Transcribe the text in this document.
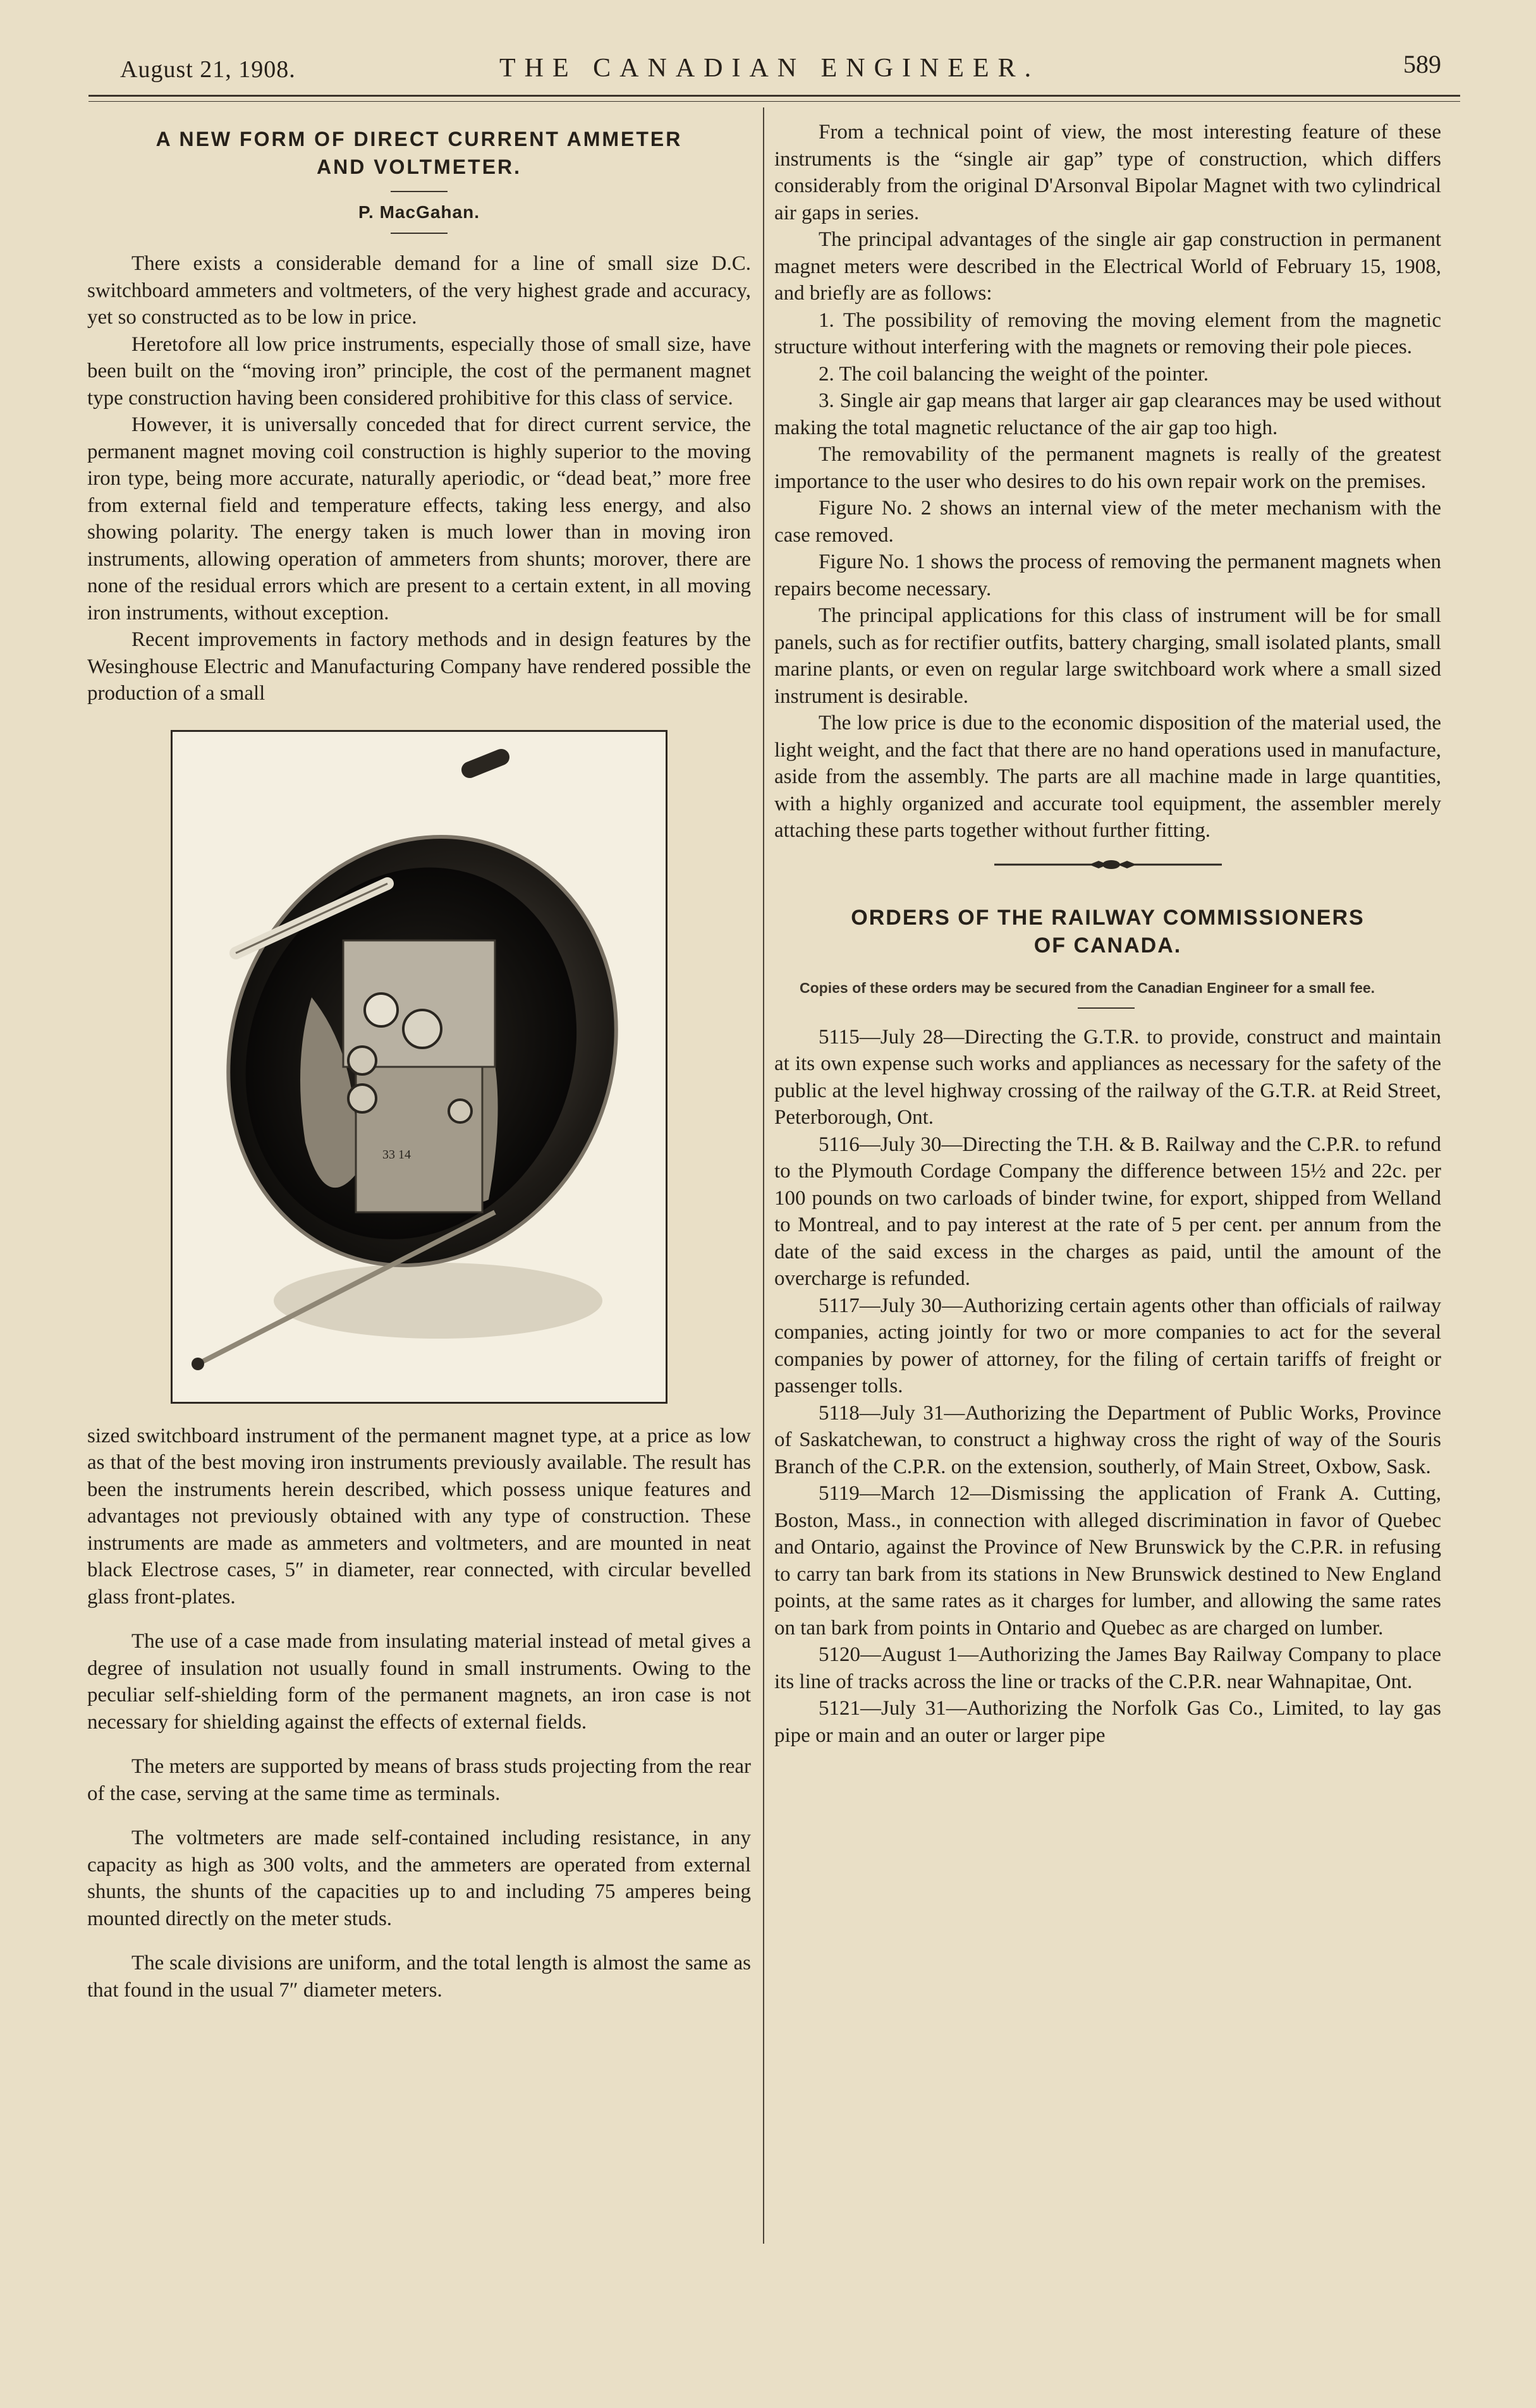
August 21, 1908.	THE CANADIAN ENGINEER.	589
A NEW FORM OF DIRECT CURRENT AMMETER
AND VOLTMETER.
P. MacGahan.

There exists a considerable demand for a line of small size D.C. switchboard ammeters and voltmeters, of the very highest grade and accuracy, yet so constructed as to be low in price.

Heretofore all low price instruments, especially those of small size, have been built on the “moving iron” principle, the cost of the permanent magnet type construction having been considered prohibitive for this class of service.

However, it is universally conceded that for direct current service, the permanent magnet moving coil construction is highly superior to the moving iron type, being more accurate, naturally aperiodic, or “dead beat,” more free from external field and temperature effects, taking less energy, and also showing polarity. The energy taken is much lower than in moving iron instruments, allowing operation of ammeters from shunts; morover, there are none of the residual errors which are present to a certain extent, in all moving iron instruments, without exception.

Recent improvements in factory methods and in design features by the Wesinghouse Electric and Manufacturing Company have rendered possible the production of a small

33 14

sized switchboard instrument of the permanent magnet type, at a price as low as that of the best moving iron instruments previously available. The result has been the instruments herein described, which possess unique features and advantages not previously obtained with any type of construction. These instruments are made as ammeters and voltmeters, and are mounted in neat black Electrose cases, 5″ in diameter, rear connected, with circular bevelled glass front-plates.

The use of a case made from insulating material instead of metal gives a degree of insulation not usually found in small instruments. Owing to the peculiar self-shielding form of the permanent magnets, an iron case is not necessary for shielding against the effects of external fields.

The meters are supported by means of brass studs projecting from the rear of the case, serving at the same time as terminals.

The voltmeters are made self-contained including resistance, in any capacity as high as 300 volts, and the ammeters are operated from external shunts, the shunts of the capacities up to and including 75 amperes being mounted directly on the meter studs.

The scale divisions are uniform, and the total length is almost the same as that found in the usual 7″ diameter meters.

From a technical point of view, the most interesting feature of these instruments is the “single air gap” type of construction, which differs considerably from the original D'Arsonval Bipolar Magnet with two cylindrical air gaps in series.

The principal advantages of the single air gap construction in permanent magnet meters were described in the Electrical World of February 15, 1908, and briefly are as follows:

1. The possibility of removing the moving element from the magnetic structure without interfering with the magnets or removing their pole pieces.

2. The coil balancing the weight of the pointer.

3. Single air gap means that larger air gap clearances may be used without making the total magnetic reluctance of the air gap too high.

The removability of the permanent magnets is really of the greatest importance to the user who desires to do his own repair work on the premises.

Figure No. 2 shows an internal view of the meter mechanism with the case removed.

Figure No. 1 shows the process of removing the permanent magnets when repairs become necessary.

The principal applications for this class of instrument will be for small panels, such as for rectifier outfits, battery charging, small isolated plants, small marine plants, or even on regular large switchboard work where a small sized instrument is desirable.

The low price is due to the economic disposition of the material used, the light weight, and the fact that there are no hand operations used in manufacture, aside from the assembly. The parts are all machine made in large quantities, with a highly organized and accurate tool equipment, the assembler merely attaching these parts together without further fitting.

ORDERS OF THE RAILWAY COMMISSIONERS
OF CANADA.
Copies of these orders may be secured from the Canadian Engineer for a small fee.

5115—July 28—Directing the G.T.R. to provide, construct and maintain at its own expense such works and appliances as necessary for the safety of the public at the level highway crossing of the railway of the G.T.R. at Reid Street, Peterborough, Ont.

5116—July 30—Directing the T.H. & B. Railway and the C.P.R. to refund to the Plymouth Cordage Company the difference between 15½ and 22c. per 100 pounds on two carloads of binder twine, for export, shipped from Welland to Montreal, and to pay interest at the rate of 5 per cent. per annum from the date of the said excess in the charges as paid, until the amount of the overcharge is refunded.

5117—July 30—Authorizing certain agents other than officials of railway companies, acting jointly for two or more companies to act for the several companies by power of attorney, for the filing of certain tariffs of freight or passenger tolls.

5118—July 31—Authorizing the Department of Public Works, Province of Saskatchewan, to construct a highway cross the right of way of the Souris Branch of the C.P.R. on the extension, southerly, of Main Street, Oxbow, Sask.

5119—March 12—Dismissing the application of Frank A. Cutting, Boston, Mass., in connection with alleged discrimination in favor of Quebec and Ontario, against the Province of New Brunswick by the C.P.R. in refusing to carry tan bark from its stations in New Brunswick destined to New England points, at the same rates as it charges for lumber, and allowing the same rates on tan bark from points in Ontario and Quebec as are charged on lumber.

5120—August 1—Authorizing the James Bay Railway Company to place its line of tracks across the line or tracks of the C.P.R. near Wahnapitae, Ont.

5121—July 31—Authorizing the Norfolk Gas Co., Limited, to lay gas pipe or main and an outer or larger pipe
